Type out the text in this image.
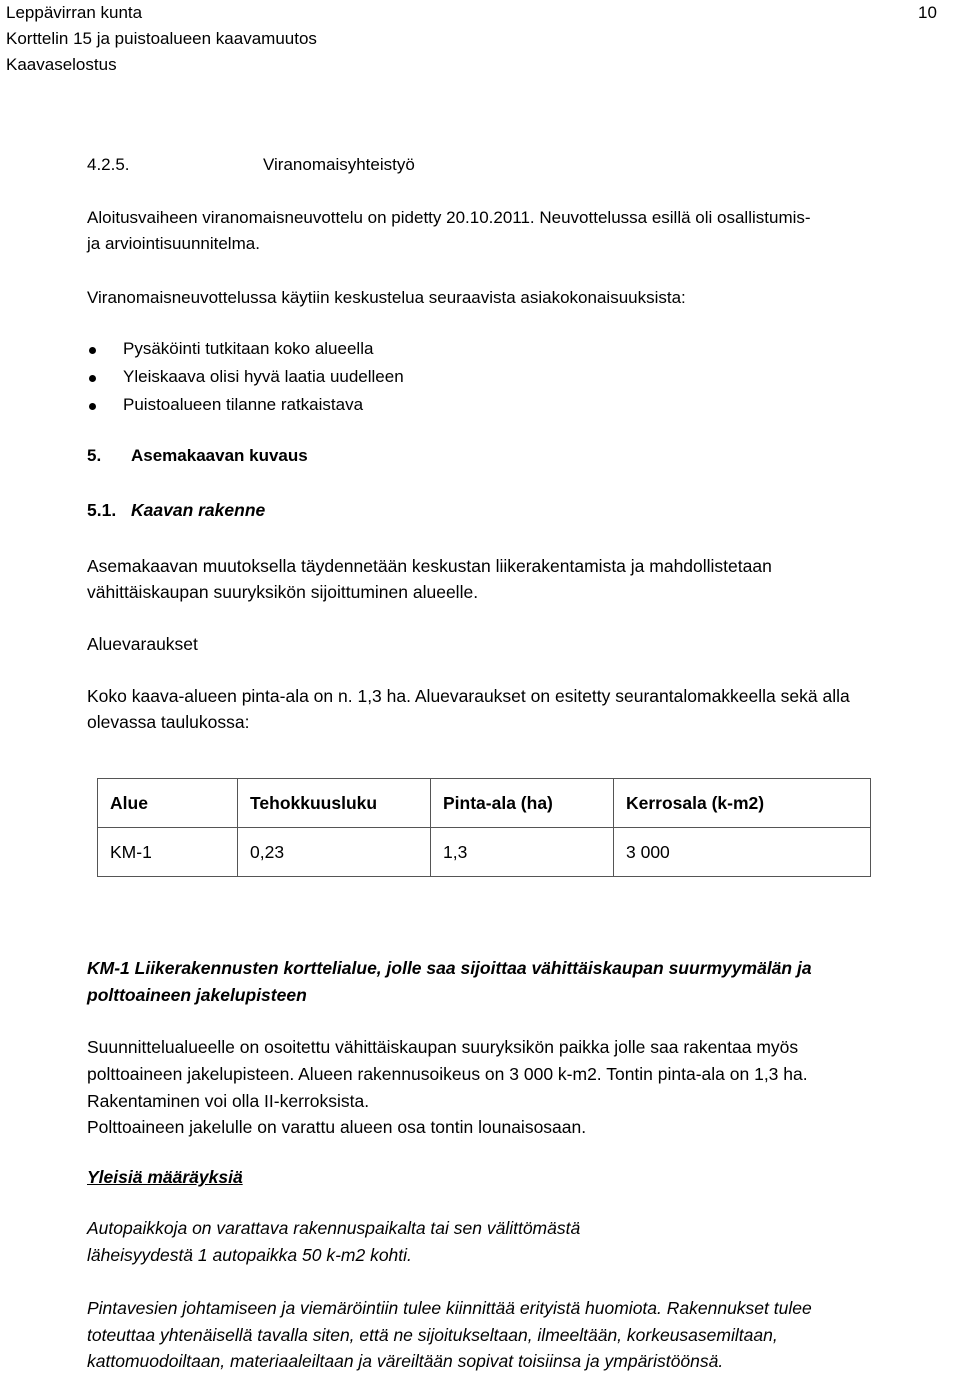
Leppävirran kunta
Korttelin 15 ja puistoalueen kaavamuutos
Kaavaselostus
10
4.2.5.	Viranomaisyhteistyö
Aloitusvaiheen viranomaisneuvottelu on pidetty 20.10.2011. Neuvottelussa esillä oli osallistumis-
ja arviointisuunnitelma.
Viranomaisneuvottelussa käytiin keskustelua seuraavista asiakokonaisuuksista:
Pysäköinti tutkitaan koko alueella
Yleiskaava olisi hyvä laatia uudelleen
Puistoalueen tilanne ratkaistava
5. Asemakaavan kuvaus
5.1. Kaavan rakenne
Asemakaavan muutoksella täydennetään keskustan liikerakentamista ja mahdollistetaan
vähittäiskaupan suuryksikön sijoittuminen alueelle.
Aluevaraukset
Koko kaava-alueen pinta-ala on n. 1,3 ha. Aluevaraukset on esitetty seurantalomakkeella sekä alla
olevassa taulukossa:
Alue	Tehokkuusluku	Pinta-ala (ha)	Kerrosala (k-m2)
KM-1	0,23	1,3	3 000
KM-1 Liikerakennusten korttelialue, jolle saa sijoittaa vähittäiskaupan suurmyymälän ja
polttoaineen jakelupisteen
Suunnittelualueelle on osoitettu vähittäiskaupan suuryksikön paikka jolle saa rakentaa myös
polttoaineen jakelupisteen. Alueen rakennusoikeus on 3 000 k-m2. Tontin pinta-ala on 1,3 ha.
Rakentaminen voi olla II-kerroksista.
Polttoaineen jakelulle on varattu alueen osa tontin lounaisosaan.
Yleisiä määräyksiä
Autopaikkoja on varattava rakennuspaikalta tai sen välittömästä
läheisyydestä 1 autopaikka 50 k-m2 kohti.
Pintavesien johtamiseen ja viemäröintiin tulee kiinnittää erityistä huomiota. Rakennukset tulee
toteuttaa yhtenäisellä tavalla siten, että ne sijoitukseltaan, ilmeeltään, korkeusasemiltaan,
kattomuodoiltaan, materiaaleiltaan ja väreiltään sopivat toisiinsa ja ympäristöönsä.
